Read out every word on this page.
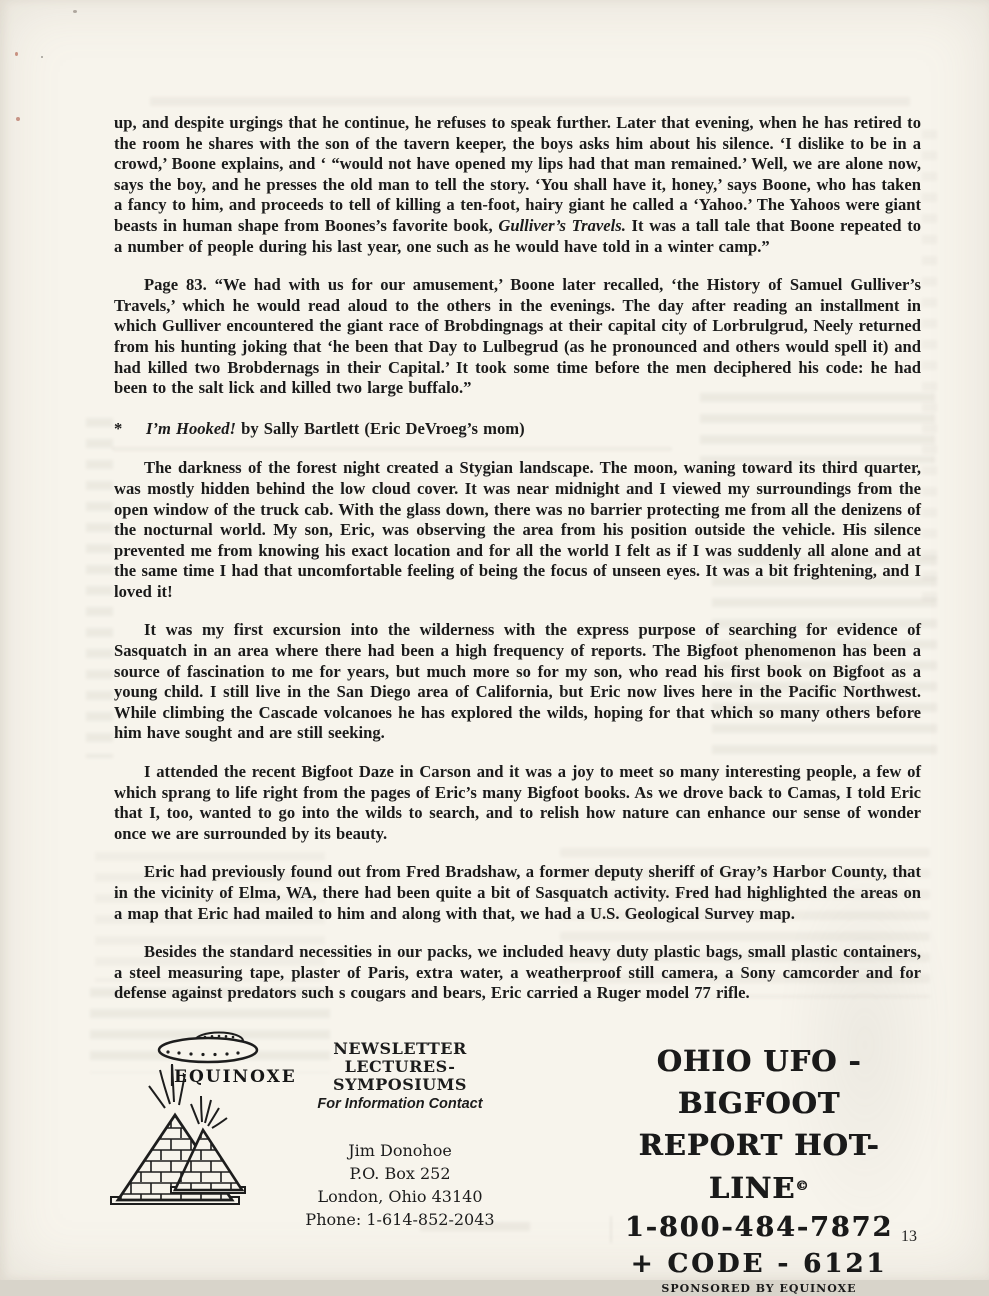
up, and despite urgings that he continue, he refuses to speak further. Later that evening, when he has retired to the room he shares with the son of the tavern keeper, the boys asks him about his silence. ‘I dislike to be in a crowd,’ Boone explains, and ‘ “would not have opened my lips had that man remained.’ Well, we are alone now, says the boy, and he presses the old man to tell the story. ‘You shall have it, honey,’ says Boone, who has taken a fancy to him, and proceeds to tell of killing a ten-foot, hairy giant he called a ‘Yahoo.’ The Yahoos were giant beasts in human shape from Boones’s favorite book, Gulliver’s Travels. It was a tall tale that Boone repeated to a number of people during his last year, one such as he would have told in a winter camp.”

Page 83. “We had with us for our amusement,’ Boone later recalled, ‘the History of Samuel Gulliver’s Travels,’ which he would read aloud to the others in the evenings. The day after reading an installment in which Gulliver encountered the giant race of Brobdingnags at their capital city of Lorbrulgrud, Neely returned from his hunting joking that ‘he been that Day to Lulbegrud (as he pronounced and others would spell it) and had killed two Brobdernags in their Capital.’ It took some time before the men deciphered his code: he had been to the salt lick and killed two large buffalo.”

* I’m Hooked! by Sally Bartlett (Eric DeVroeg’s mom)

The darkness of the forest night created a Stygian landscape. The moon, waning toward its third quarter, was mostly hidden behind the low cloud cover. It was near midnight and I viewed my surroundings from the open window of the truck cab. With the glass down, there was no barrier protecting me from all the denizens of the nocturnal world. My son, Eric, was observing the area from his position outside the vehicle. His silence prevented me from knowing his exact location and for all the world I felt as if I was suddenly all alone and at the same time I had that uncomfortable feeling of being the focus of unseen eyes. It was a bit frightening, and I loved it!

It was my first excursion into the wilderness with the express purpose of searching for evidence of Sasquatch in an area where there had been a high frequency of reports. The Bigfoot phenomenon has been a source of fascination to me for years, but much more so for my son, who read his first book on Bigfoot as a young child. I still live in the San Diego area of California, but Eric now lives here in the Pacific Northwest. While climbing the Cascade volcanoes he has explored the wilds, hoping for that which so many others before him have sought and are still seeking.

I attended the recent Bigfoot Daze in Carson and it was a joy to meet so many interesting people, a few of which sprang to life right from the pages of Eric’s many Bigfoot books. As we drove back to Camas, I told Eric that I, too, wanted to go into the wilds to search, and to relish how nature can enhance our sense of wonder once we are surrounded by its beauty.

Eric had previously found out from Fred Bradshaw, a former deputy sheriff of Gray’s Harbor County, that in the vicinity of Elma, WA, there had been quite a bit of Sasquatch activity. Fred had highlighted the areas on a map that Eric had mailed to him and along with that, we had a U.S. Geological Survey map.

Besides the standard necessities in our packs, we included heavy duty plastic bags, small plastic containers, a steel measuring tape, plaster of Paris, extra water, a weatherproof still camera, a Sony camcorder and for defense against predators such s cougars and bears, Eric carried a Ruger model 77 rifle.

EQUINOXE
NEWSLETTER
LECTURES-SYMPOSIUMS
For Information Contact
Jim Donohoe
P.O. Box 252
London, Ohio 43140
Phone: 1-614-852-2043
OHIO UFO - BIGFOOT
REPORT HOT-LINE©
1-800-484-7872
+ CODE - 6121
SPONSORED BY EQUINOXE
13
